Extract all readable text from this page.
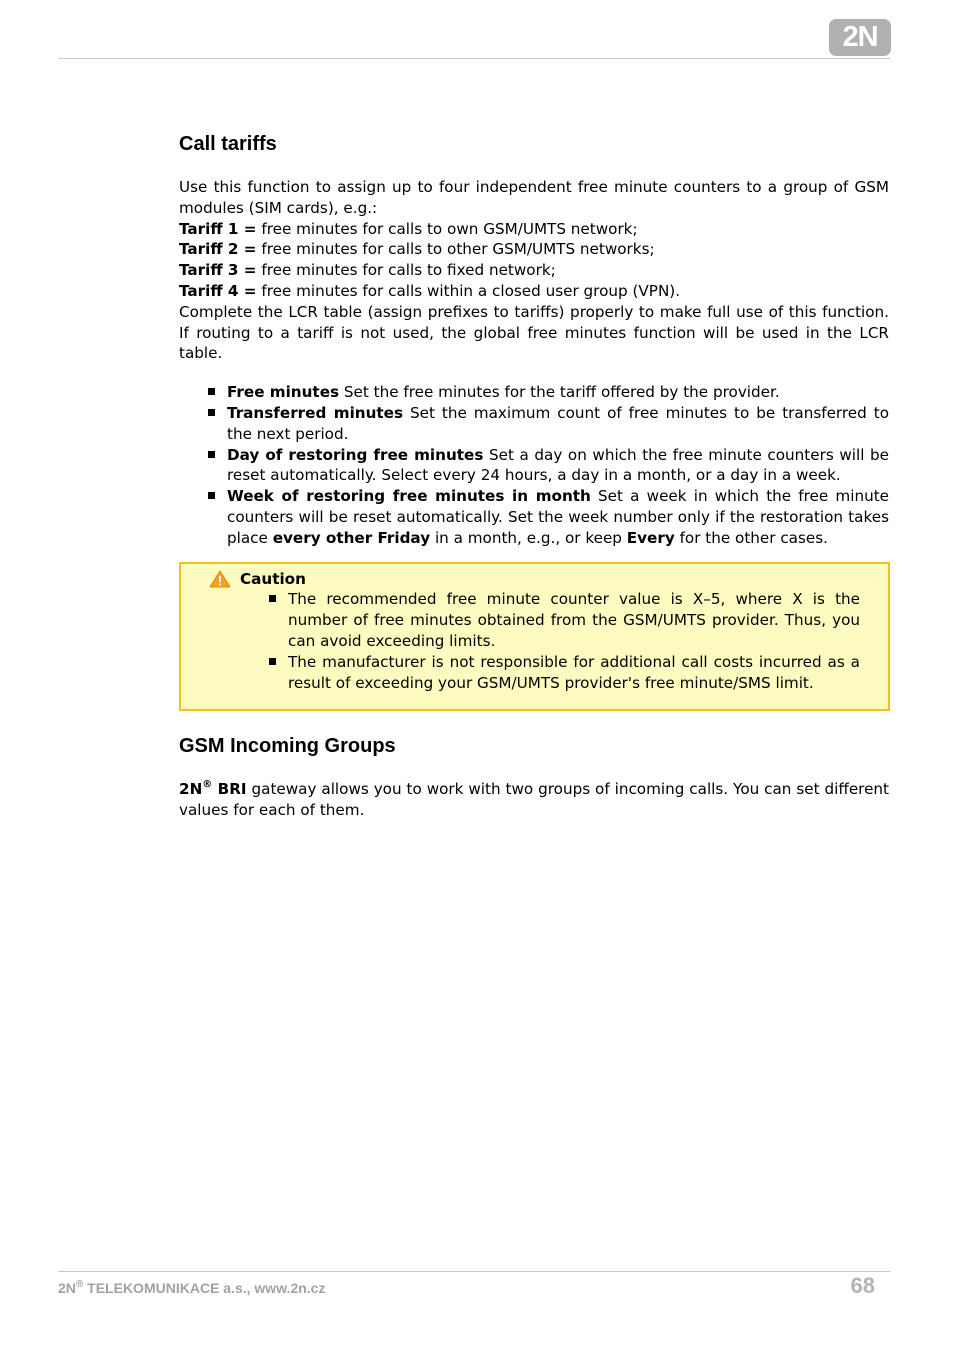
2N
Call tariffs

Use this function to assign up to four independent free minute counters to a group of GSM modules (SIM cards), e.g.:

Tariff 1 = free minutes for calls to own GSM/UMTS network;

Tariff 2 = free minutes for calls to other GSM/UMTS networks;

Tariff 3 = free minutes for calls to fixed network;

Tariff 4 = free minutes for calls within a closed user group (VPN).

Complete the LCR table (assign prefixes to tariffs) properly to make full use of this function. If routing to a tariff is not used, the global free minutes function will be used in the LCR table.

Free minutes Set the free minutes for the tariff offered by the provider.
Transferred minutes Set the maximum count of free minutes to be transferred to the next period.
Day of restoring free minutes Set a day on which the free minute counters will be reset automatically. Select every 24 hours, a day in a month, or a day in a week.
Week of restoring free minutes in month Set a week in which the free minute counters will be reset automatically. Set the week number only if the restoration takes place every other Friday in a month, e.g., or keep Every for the other cases.
Caution
The recommended free minute counter value is X–5, where X is the number of free minutes obtained from the GSM/UMTS provider. Thus, you can avoid exceeding limits.
The manufacturer is not responsible for additional call costs incurred as a result of exceeding your GSM/UMTS provider's free minute/SMS limit.
GSM Incoming Groups

2N® BRI gateway allows you to work with two groups of incoming calls. You can set different values for each of them.

2N® TELEKOMUNIKACE a.s., www.2n.cz	68
